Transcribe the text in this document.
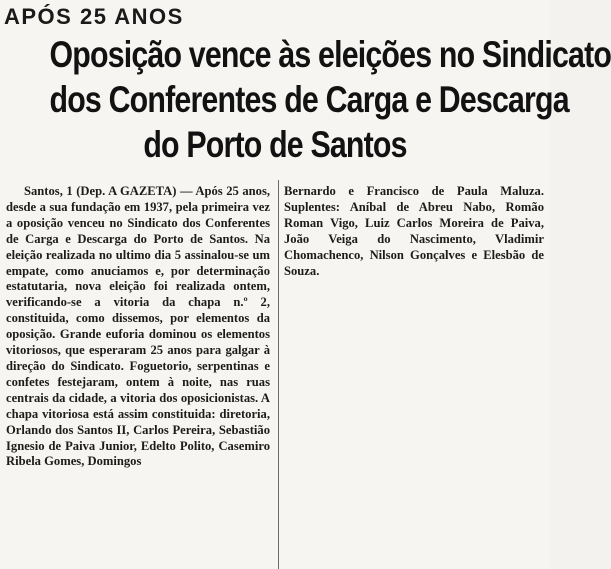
APÓS 25 ANOS
Oposição vence às eleições no Sindicato
dos Conferentes de Carga e Descarga
do Porto de Santos

Santos, 1 (Dep. A GAZETA) — Após 25 anos, desde a sua fundação em 1937, pela primeira vez a oposição venceu no Sindicato dos Conferentes de Carga e Descarga do Porto de Santos. Na eleição realizada no ultimo dia 5 assinalou-se um empate, como anuciamos e, por determinação estatutaria, nova eleição foi realizada ontem, verificando-se a vitoria da chapa n.º 2, constituida, como dissemos, por elementos da oposição. Grande euforia dominou os elementos vitoriosos, que esperaram 25 anos para galgar à direção do Sindicato. Foguetorio, serpentinas e confetes festejaram, ontem à noite, nas ruas centrais da cidade, a vitoria dos oposicionistas. A chapa vitoriosa está assim constituida: diretoria, Orlando dos Santos II, Carlos Pereira, Sebastião Ignesio de Paiva Junior, Edelto Polito, Casemiro Ribela Gomes, Domingos

Bernardo e Francisco de Paula Maluza. Suplentes: Aníbal de Abreu Nabo, Romão Roman Vigo, Luiz Carlos Moreira de Paiva, João Veiga do Nascimento, Vladimir Chomachenco, Nilson Gonçalves e Elesbão de Souza.
